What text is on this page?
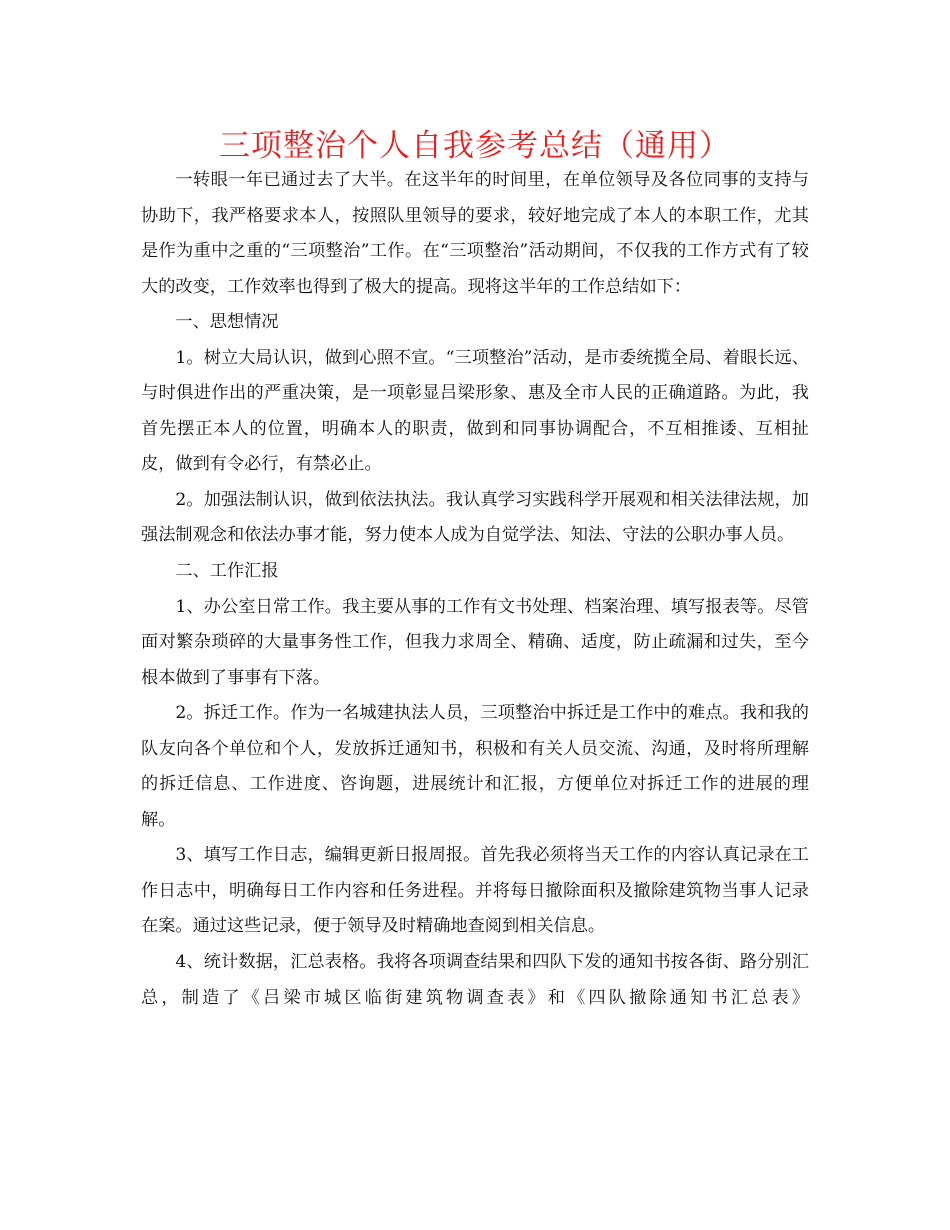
三项整治个人自我参考总结（通用）

一转眼一年已通过去了大半。在这半年的时间里，在单位领导及各位同事的支持与协助下，我严格要求本人，按照队里领导的要求，较好地完成了本人的本职工作，尤其是作为重中之重的“三项整治”工作。在“三项整治”活动期间，不仅我的工作方式有了较大的改变，工作效率也得到了极大的提高。现将这半年的工作总结如下：

一、思想情况

1。树立大局认识，做到心照不宣。“三项整治”活动，是市委统揽全局、着眼长远、与时俱进作出的严重决策，是一项彰显吕梁形象、惠及全市人民的正确道路。为此，我首先摆正本人的位置，明确本人的职责，做到和同事协调配合，不互相推诿、互相扯皮，做到有令必行，有禁必止。

2。加强法制认识，做到依法执法。我认真学习实践科学开展观和相关法律法规，加强法制观念和依法办事才能，努力使本人成为自觉学法、知法、守法的公职办事人员。

二、工作汇报

1、办公室日常工作。我主要从事的工作有文书处理、档案治理、填写报表等。尽管面对繁杂琐碎的大量事务性工作，但我力求周全、精确、适度，防止疏漏和过失，至今根本做到了事事有下落。

2。拆迁工作。作为一名城建执法人员，三项整治中拆迁是工作中的难点。我和我的队友向各个单位和个人，发放拆迁通知书，积极和有关人员交流、沟通，及时将所理解的拆迁信息、工作进度、咨询题，进展统计和汇报，方便单位对拆迁工作的进展的理解。

3、填写工作日志，编辑更新日报周报。首先我必须将当天工作的内容认真记录在工作日志中，明确每日工作内容和任务进程。并将每日撤除面积及撤除建筑物当事人记录在案。通过这些记录，便于领导及时精确地查阅到相关信息。

4、统计数据，汇总表格。我将各项调查结果和四队下发的通知书按各街、路分别汇总，制造了《吕梁市城区临街建筑物调查表》和《四队撤除通知书汇总表》
